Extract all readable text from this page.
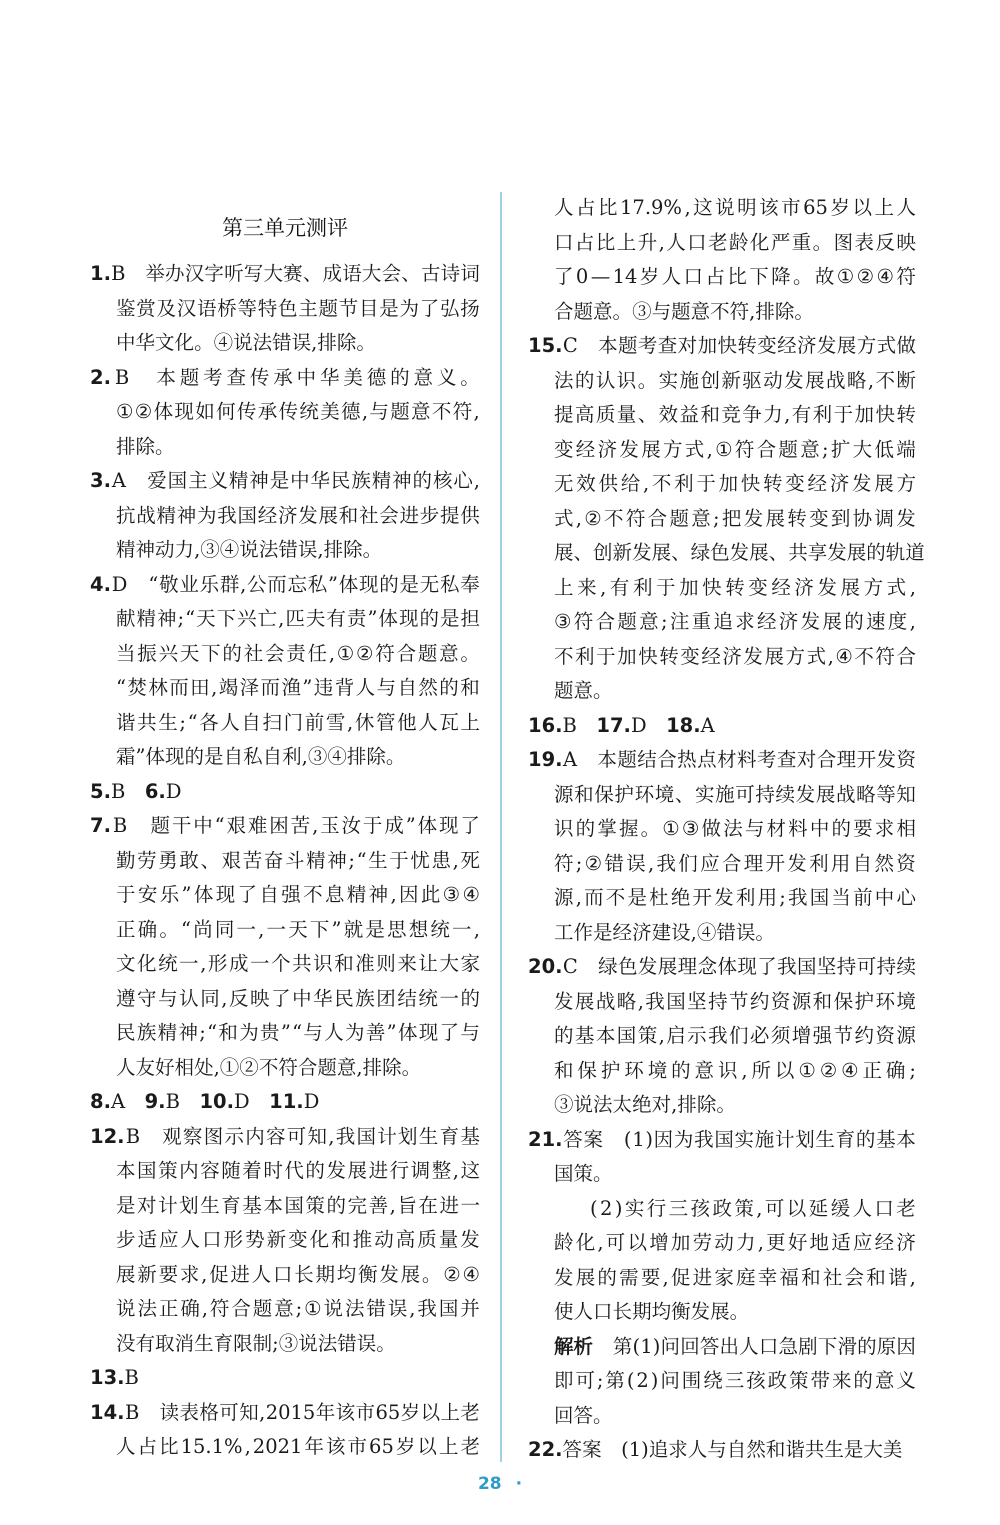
第三单元测评
1. B
　 举 办 汉 字 听 写 大 赛 、 成 语 大 会 、 古 诗 词
鉴 赏 及 汉 语 桥 等 特 色 主 题 节 目 是 为 了 弘 扬
中华文化。④说法错误,排除。
2. B
　 本 题 考 查 传 承 中 华 美 德 的 意 义 。
① ② 体 现 如 何 传 承 传 统 美 德 , 与 题 意 不 符 ,
排除。
3. A
　 爱 国 主 义 精 神 是 中 华 民 族 精 神 的 核 心 ,
抗 战 精 神 为 我 国 经 济 发 展 和 社 会 进 步 提 供
精神动力,③④说法错误,排除。
4. D
　 “ 敬 业 乐 群 , 公 而 忘 私 ” 体 现 的 是 无 私 奉
献 精 神 ; “ 天 下 兴 亡 , 匹 夫 有 责 ” 体 现 的 是 担
当 振 兴 天 下 的 社 会 责 任 , ① ② 符 合 题 意 。
“ 焚 林 而 田 , 竭 泽 而 渔 ” 违 背 人 与 自 然 的 和
谐 共 生 ; “ 各 人 自 扫 门 前 雪 , 休 管 他 人 瓦 上
霜”体现的是自私自利,③④排除。
5.B　 6.D
7. B
　 题 干 中 “ 艰 难 困 苦 , 玉 汝 于 成 ” 体 现 了
勤 劳 勇 敢 、 艰 苦 奋 斗 精 神 ; “ 生 于 忧 患 , 死
于 安 乐 ” 体 现 了 自 强 不 息 精 神 , 因 此 ③ ④
正 确 。 “ 尚 同 一 , 一 天 下 ” 就 是 思 想 统 一 ,
文 化 统 一 , 形 成 一 个 共 识 和 准 则 来 让 大 家
遵 守 与 认 同 , 反 映 了 中 华 民 族 团 结 统 一 的
民 族 精 神 ; “ 和 为 贵 ” “ 与 人 为 善 ” 体 现 了 与
人友好相处,①②不符合题意,排除。
8.A　 9.B　 10.D　 11.D
12. B
　 观 察 图 示 内 容 可 知 , 我 国 计 划 生 育 基
本 国 策 内 容 随 着 时 代 的 发 展 进 行 调 整 , 这
是 对 计 划 生 育 基 本 国 策 的 完 善 , 旨 在 进 一
步 适 应 人 口 形 势 新 变 化 和 推 动 高 质 量 发
展 新 要 求 , 促 进 人 口 长 期 均 衡 发 展 。 ② ④
说 法 正 确 , 符 合 题 意 ; ① 说 法 错 误 , 我 国 并
没有取消生育限制;③说法错误。
13.B
14. B
　 读 表 格 可 知 , 2015 年 该 市 65 岁 以 上 老
人 占 比 15.1% , 2021 年 该 市 65 岁 以 上 老
人 占 比 17.9% , 这 说 明 该 市 65 岁 以 上 人
口 占 比 上 升 , 人 口 老 龄 化 严 重 。 图 表 反 映
了 0 — 14 岁 人 口 占 比 下 降 。 故 ① ② ④ 符
合题意。③与题意不符,排除。
15. C
　 本 题 考 查 对 加 快 转 变 经 济 发 展 方 式 做
法 的 认 识 。 实 施 创 新 驱 动 发 展 战 略 , 不 断
提 高 质 量 、 效 益 和 竞 争 力 , 有 利 于 加 快 转
变 经 济 发 展 方 式 , ① 符 合 题 意 ; 扩 大 低 端
无 效 供 给 , 不 利 于 加 快 转 变 经 济 发 展 方
式 , ② 不 符 合 题 意 ; 把 发 展 转 变 到 协 调 发
展 、 创 新 发 展 、 绿 色 发 展 、 共 享 发 展 的 轨 道
上 来 , 有 利 于 加 快 转 变 经 济 发 展 方 式 ,
③ 符 合 题 意 ; 注 重 追 求 经 济 发 展 的 速 度 ,
不 利 于 加 快 转 变 经 济 发 展 方 式 , ④ 不 符 合
题意。
16.B　 17.D　 18.A
19. A
　 本 题 结 合 热 点 材 料 考 查 对 合 理 开 发 资
源 和 保 护 环 境 、 实 施 可 持 续 发 展 战 略 等 知
识 的 掌 握 。 ① ③ 做 法 与 材 料 中 的 要 求 相
符 ; ② 错 误 , 我 们 应 合 理 开 发 利 用 自 然 资
源 , 而 不 是 杜 绝 开 发 利 用 ; 我 国 当 前 中 心
工作是经济建设,④错误。
20. C
　 绿 色 发 展 理 念 体 现 了 我 国 坚 持 可 持 续
发 展 战 略 , 我 国 坚 持 节 约 资 源 和 保 护 环 境
的 基 本 国 策 , 启 示 我 们 必 须 增 强 节 约 资 源
和 保 护 环 境 的 意 识 , 所 以 ① ② ④ 正 确 ;
③说法太绝对,排除。
21. 答 案
　 ( 1 ) 因 为 我 国 实 施 计 划 生 育 的 基 本
国策。
( 2 ) 实 行 三 孩 政 策 , 可 以 延 缓 人 口 老
龄 化 , 可 以 增 加 劳 动 力 , 更 好 地 适 应 经 济
发 展 的 需 要 , 促 进 家 庭 幸 福 和 社 会 和 谐 ,
使人口长期均衡发展。
解析
　 第 ( 1 ) 问 回 答 出 人 口 急 剧 下 滑 的 原 因
即 可 ; 第 ( 2 ) 问 围 绕 三 孩 政 策 带 来 的 意 义
回答。
22.答案　 (1)追求人与自然和谐共生是大美
28 ·
